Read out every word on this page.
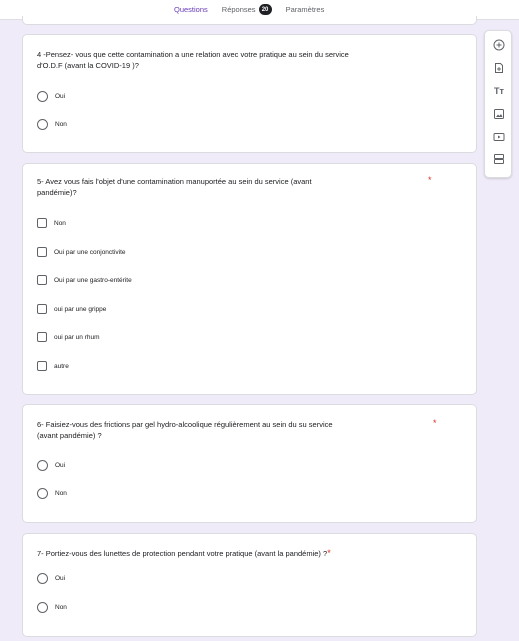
Questions Réponses	20	Paramètres
4 -Pensez- vous que cette contamination a une relation avec votre pratique au sein du service
d'O.D.F (avant la COVID-19 )?
Oui
Non
5- Avez vous fais l'objet d'une contamination manuportée au sein du service (avant
pandémie)?
*
Non
Oui par une conjonctivite
Oui par une gastro-entérite
oui par une grippe
oui par un rhum
autre
6- Faisiez-vous des frictions par gel hydro-alcoolique régulièrement au sein du su service
(avant pandémie) ?
*
Oui
Non
7- Portiez-vous des lunettes de protection pendant votre pratique (avant la pandémie) ?*
Oui
Non
Tт
